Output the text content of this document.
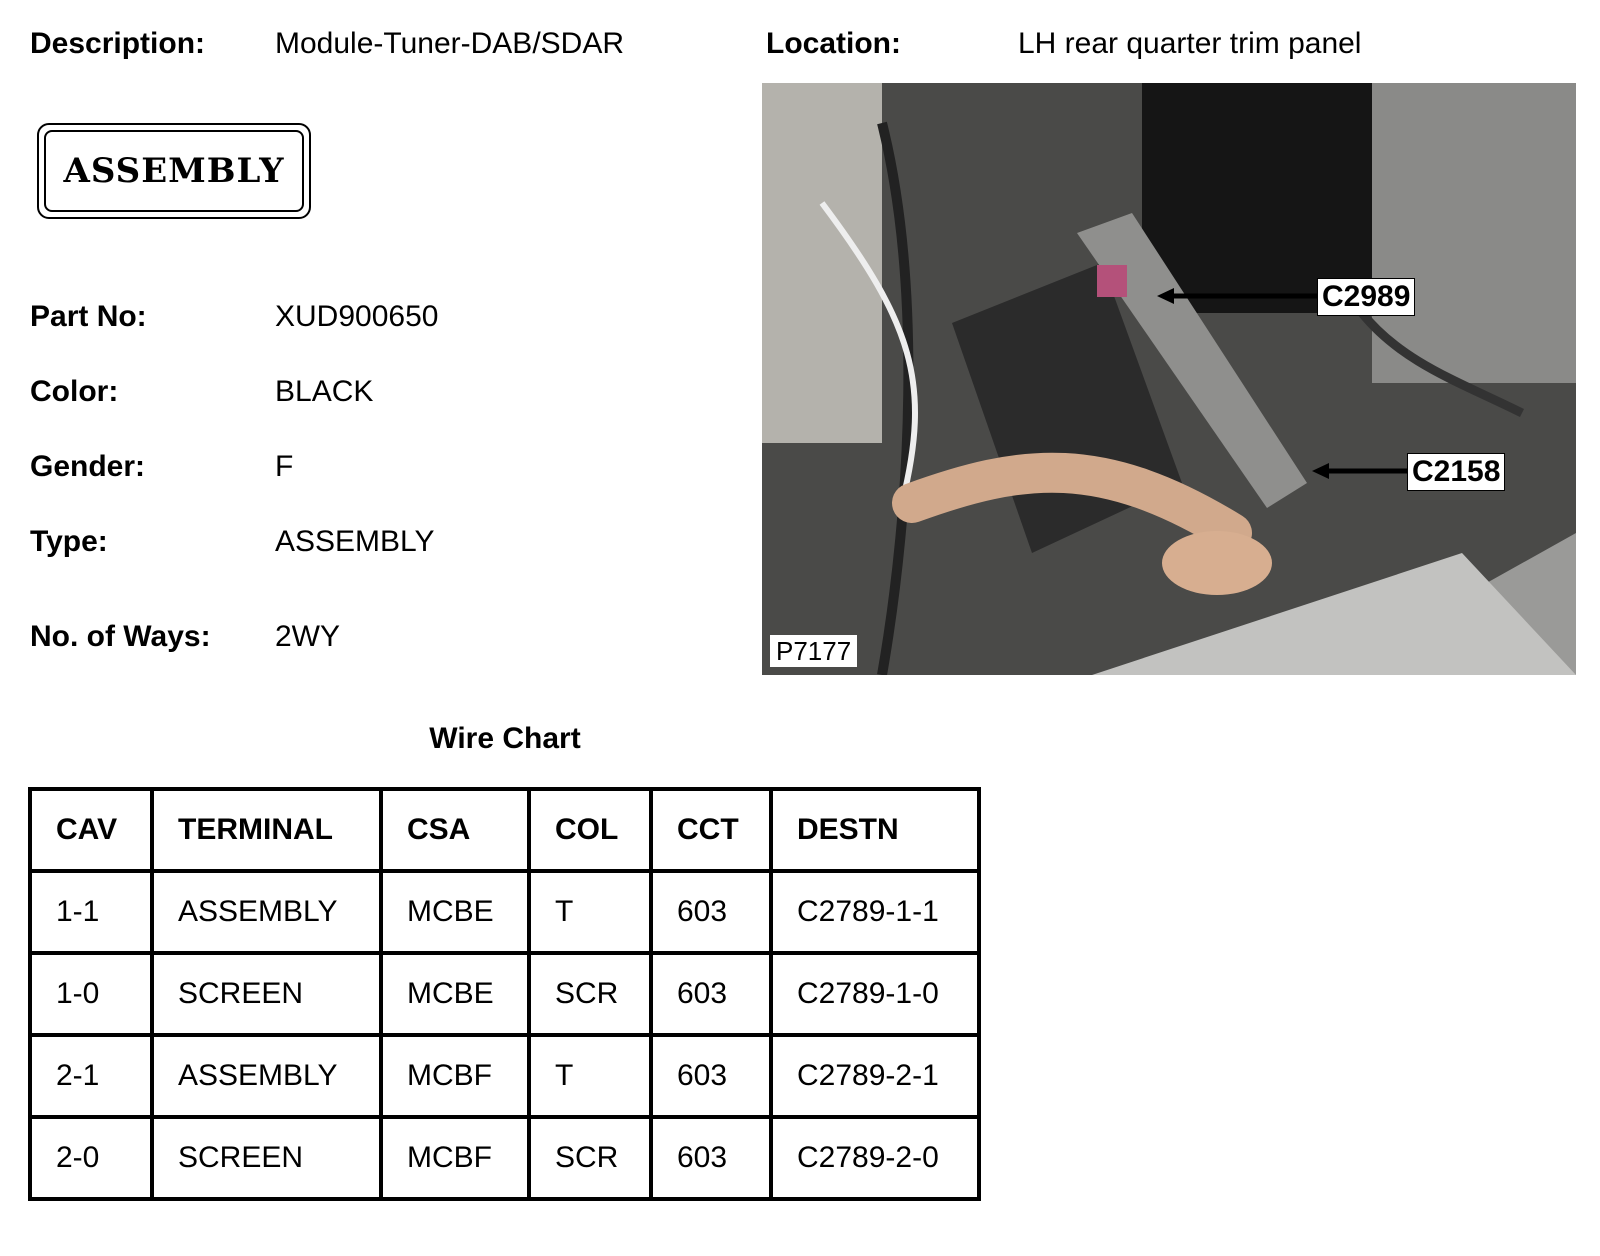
Description: Module-Tuner-DAB/SDAR	Location:	LH rear quarter trim panel
ASSEMBLY
Part No:	XUD900650
Color:	BLACK
Gender:	F
Type:	ASSEMBLY
No. of Ways: 2WY
C2989
C2158
P7177
Wire Chart
CAV	TERMINAL	CSA	COL	CCT	DESTN
1-1	ASSEMBLY	MCBE	T	603	C2789-1-1
1-0	SCREEN	MCBE	SCR	603	C2789-1-0
2-1	ASSEMBLY	MCBF	T	603	C2789-2-1
2-0	SCREEN	MCBF	SCR	603	C2789-2-0
